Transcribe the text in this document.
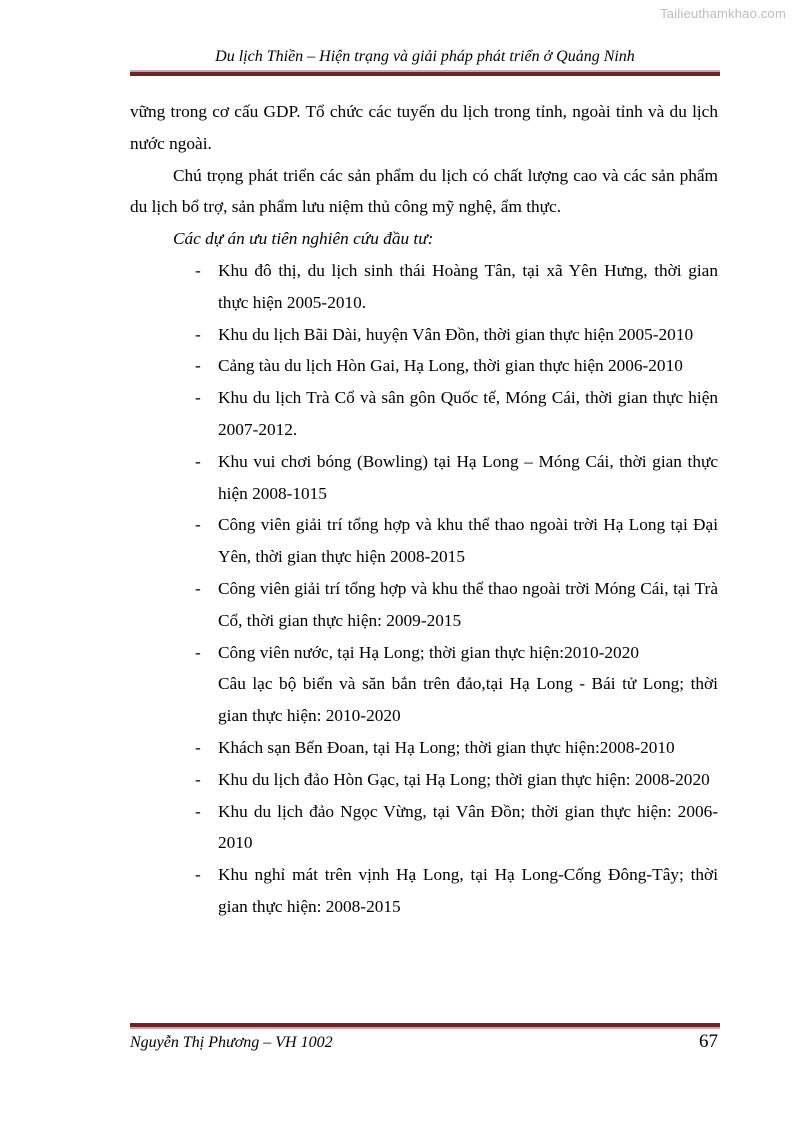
Tailieuthamkhao.com
Du lịch Thiền – Hiện trạng và giải pháp phát triển ở Quảng Ninh

vững trong cơ cấu GDP. Tổ chức các tuyến du lịch trong tỉnh, ngoài tỉnh và du lịch nước ngoài.

Chú trọng phát triển các sản phẩm du lịch có chất lượng cao và các sản phẩm du lịch bổ trợ, sản phẩm lưu niệm thủ công mỹ nghệ, ẩm thực.

Các dự án ưu tiên nghiên cứu đầu tư:

- Khu đô thị, du lịch sinh thái Hoàng Tân, tại xã Yên Hưng, thời gian thực hiện 2005-2010.
- Khu du lịch Bãi Dài, huyện Vân Đồn, thời gian thực hiện 2005-2010
- Cảng tàu du lịch Hòn Gai, Hạ Long, thời gian thực hiện 2006-2010
- Khu du lịch Trà Cổ và sân gôn Quốc tế, Móng Cái, thời gian thực hiện 2007-2012.
- Khu vui chơi bóng (Bowling) tại Hạ Long – Móng Cái, thời gian thực hiện 2008-1015
- Công viên giải trí tổng hợp và khu thể thao ngoài trời Hạ Long tại Đại Yên, thời gian thực hiện 2008-2015
- Công viên giải trí tổng hợp và khu thể thao ngoài trời Móng Cái, tại Trà Cổ, thời gian thực hiện: 2009-2015
- Công viên nước, tại Hạ Long; thời gian thực hiện:2010-2020
Câu lạc bộ biển và săn bắn trên đảo,tại Hạ Long - Bái tử Long; thời gian thực hiện: 2010-2020
- Khách sạn Bến Đoan, tại Hạ Long; thời gian thực hiện:2008-2010
- Khu du lịch đảo Hòn Gạc, tại Hạ Long; thời gian thực hiện: 2008-2020
- Khu du lịch đảo Ngọc Vừng, tại Vân Đồn; thời gian thực hiện: 2006-2010
- Khu nghỉ mát trên vịnh Hạ Long, tại Hạ Long-Cống Đông-Tây; thời gian thực hiện: 2008-2015
Nguyễn Thị Phương – VH 1002	67
